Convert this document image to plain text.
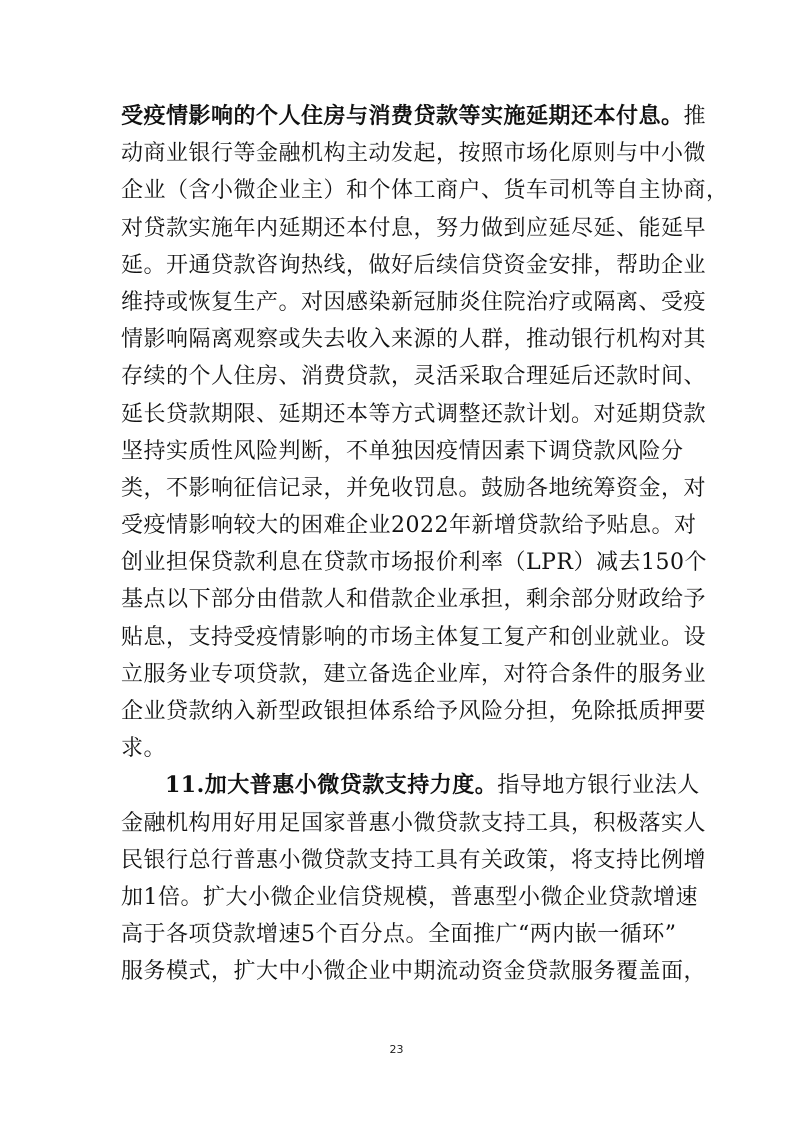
受疫情影响的个人住房与消费贷款等实施延期还本付息。推
动商业银行等金融机构主动发起，按照市场化原则与中小微
企业（含小微企业主）和个体工商户、货车司机等自主协商，
对贷款实施年内延期还本付息，努力做到应延尽延、能延早
延。开通贷款咨询热线，做好后续信贷资金安排，帮助企业
维持或恢复生产。对因感染新冠肺炎住院治疗或隔离、受疫
情影响隔离观察或失去收入来源的人群，推动银行机构对其
存续的个人住房、消费贷款，灵活采取合理延后还款时间、
延长贷款期限、延期还本等方式调整还款计划。对延期贷款
坚持实质性风险判断，不单独因疫情因素下调贷款风险分
类，不影响征信记录，并免收罚息。鼓励各地统筹资金，对
受疫情影响较大的困难企业2022年新增贷款给予贴息。对
创业担保贷款利息在贷款市场报价利率（LPR）减去150个
基点以下部分由借款人和借款企业承担，剩余部分财政给予
贴息，支持受疫情影响的市场主体复工复产和创业就业。设
立服务业专项贷款，建立备选企业库，对符合条件的服务业
企业贷款纳入新型政银担体系给予风险分担，免除抵质押要
求。
11.加大普惠小微贷款支持力度。指导地方银行业法人
金融机构用好用足国家普惠小微贷款支持工具，积极落实人
民银行总行普惠小微贷款支持工具有关政策，将支持比例增
加1倍。扩大小微企业信贷规模，普惠型小微企业贷款增速
高于各项贷款增速5个百分点。全面推广“两内嵌一循环”
服务模式，扩大中小微企业中期流动资金贷款服务覆盖面，
23
